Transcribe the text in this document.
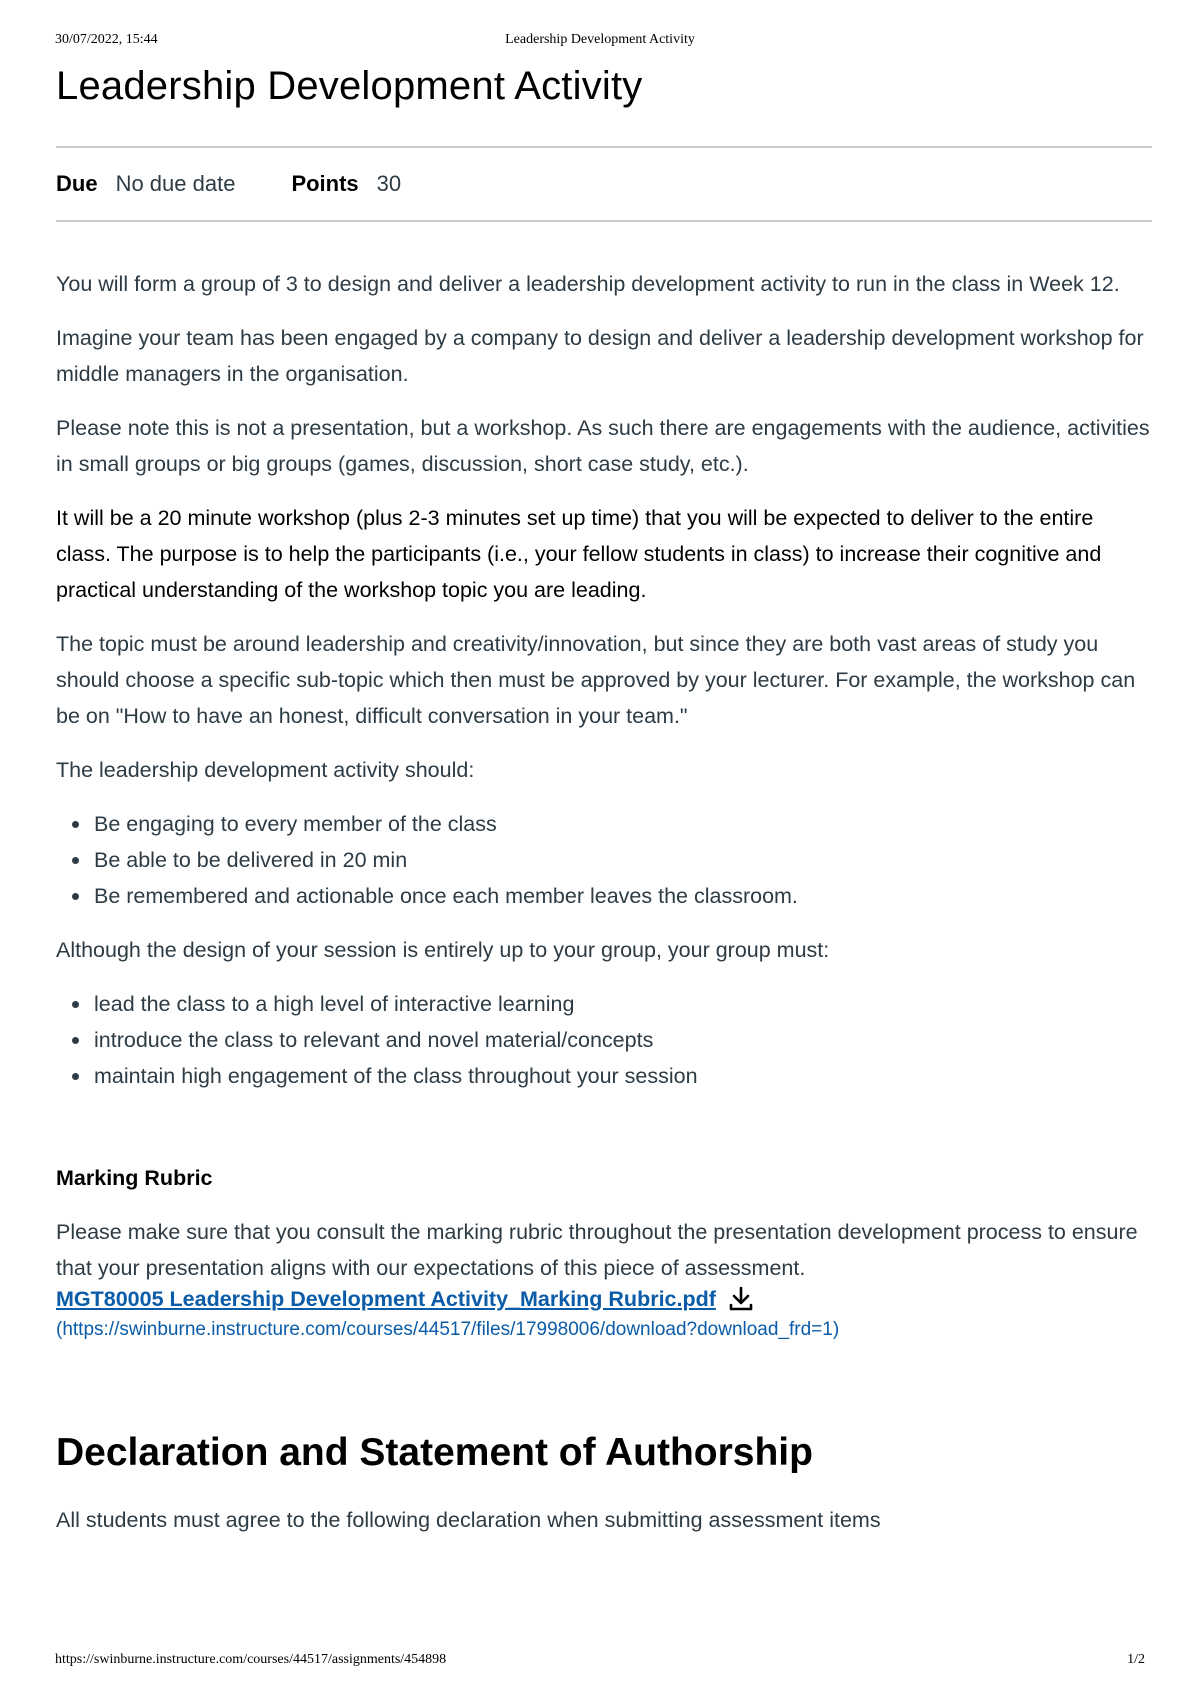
30/07/2022, 15:44	Leadership Development Activity
Leadership Development Activity
Due No due date	Points 30

You will form a group of 3 to design and deliver a leadership development activity to run in the class in Week 12.

Imagine your team has been engaged by a company to design and deliver a leadership development workshop for middle managers in the organisation.

Please note this is not a presentation, but a workshop. As such there are engagements with the audience, activities in small groups or big groups (games, discussion, short case study, etc.).

It will be a 20 minute workshop (plus 2-3 minutes set up time) that you will be expected to deliver to the entire class. The purpose is to help the participants (i.e., your fellow students in class) to increase their cognitive and practical understanding of the workshop topic you are leading.

The topic must be around leadership and creativity/innovation, but since they are both vast areas of study you should choose a specific sub-topic which then must be approved by your lecturer. For example, the workshop can be on "How to have an honest, difficult conversation in your team."

The leadership development activity should:

Be engaging to every member of the class
Be able to be delivered in 20 min
Be remembered and actionable once each member leaves the classroom.

Although the design of your session is entirely up to your group, your group must:

lead the class to a high level of interactive learning
introduce the class to relevant and novel material/concepts
maintain high engagement of the class throughout your session
Marking Rubric
Please make sure that you consult the marking rubric throughout the presentation development process to ensure that your presentation aligns with our expectations of this piece of assessment.
MGT80005 Leadership Development Activity_Marking Rubric.pdf
(https://swinburne.instructure.com/courses/44517/files/17998006/download?download_frd=1)
Declaration and Statement of Authorship
All students must agree to the following declaration when submitting assessment items
https://swinburne.instructure.com/courses/44517/assignments/454898	1/2
